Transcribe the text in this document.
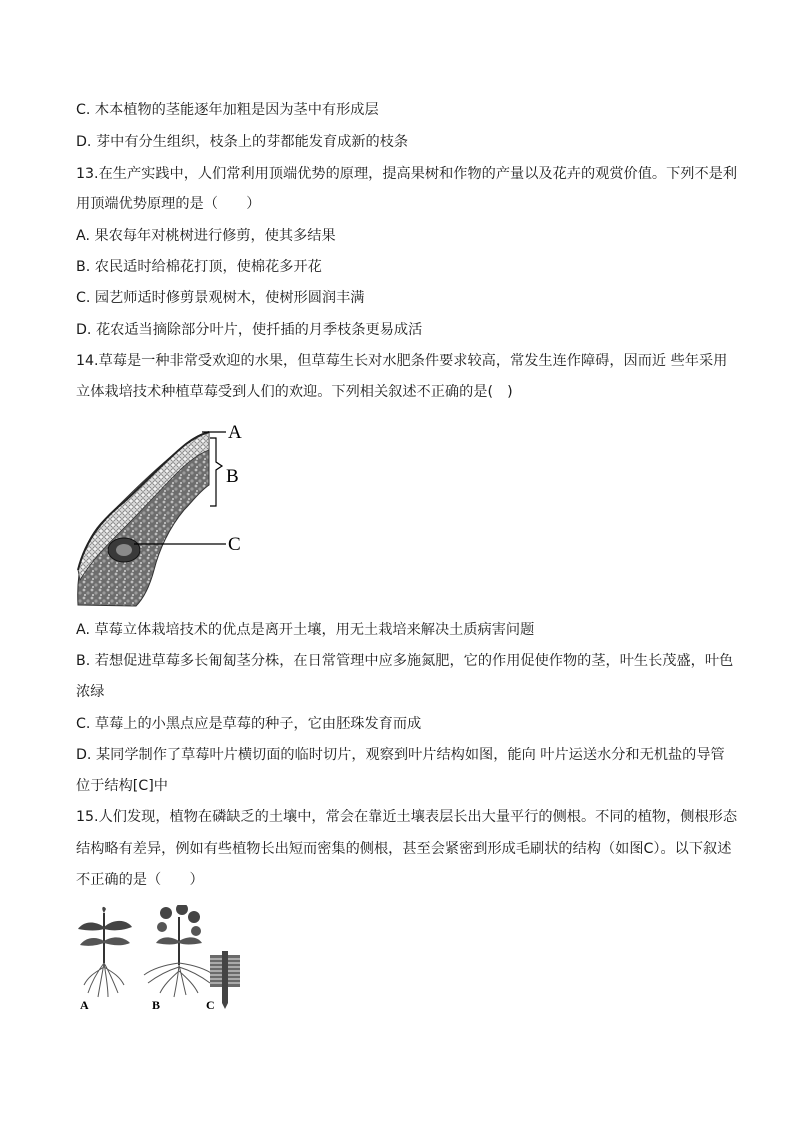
C. 木本植物的茎能逐年加粗是因为茎中有形成层
D. 芽中有分生组织，枝条上的芽都能发育成新的枝条
13.在生产实践中，人们常利用顶端优势的原理，提高果树和作物的产量以及花卉的观赏价值。下列不是利
用顶端优势原理的是（　　）
A. 果农每年对桃树进行修剪，使其多结果
B. 农民适时给棉花打顶，使棉花多开花
C. 园艺师适时修剪景观树木，使树形圆润丰满
D. 花农适当摘除部分叶片，使扦插的月季枝条更易成活
14.草莓是一种非常受欢迎的水果，但草莓生长对水肥条件要求较高，常发生连作障碍，因而近 些年采用
立体栽培技术种植草莓受到人们的欢迎。下列相关叙述不正确的是(　)
A
B
C
A. 草莓立体栽培技术的优点是离开土壤，用无土栽培来解决土质病害问题
B. 若想促进草莓多长匍匐茎分株，在日常管理中应多施氮肥，它的作用促使作物的茎，叶生长茂盛，叶色
浓绿
C. 草莓上的小黑点应是草莓的种子，它由胚珠发育而成
D. 某同学制作了草莓叶片横切面的临时切片，观察到叶片结构如图，能向 叶片运送水分和无机盐的导管
位于结构[C]中
15.人们发现，植物在磷缺乏的土壤中，常会在靠近土壤表层长出大量平行的侧根。不同的植物，侧根形态
结构略有差异，例如有些植物长出短而密集的侧根，甚至会紧密到形成毛刷状的结构（如图C）。以下叙述
不正确的是（　　）
A	B	C
